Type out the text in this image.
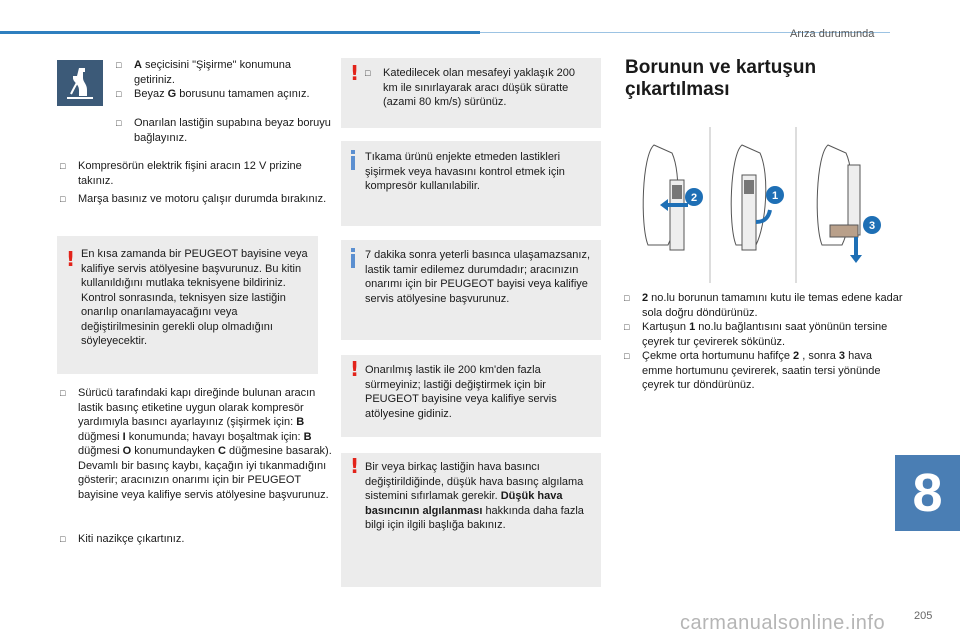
Arıza durumunda
□ A seçicisini "Şişirme" konumuna getiriniz.
□ Beyaz G borusunu tamamen açınız.
□ Onarılan lastiğin supabına beyaz boruyu bağlayınız.
□ Kompresörün elektrik fişini aracın 12 V prizine takınız.
□ Marşa basınız ve motoru çalışır durumda bırakınız.
! En kısa zamanda bir PEUGEOT bayisine veya kalifiye servis atölyesine başvurunuz. Bu kitin kullanıldığını mutlaka teknisyene bildiriniz. Kontrol sonrasında, teknisyen size lastiğin onarılıp onarılamayacağını veya değiştirilmesinin gerekli olup olmadığını söyleyecektir.
□ Sürücü tarafındaki kapı direğinde bulunan aracın lastik basınç etiketine uygun olarak kompresör yardımıyla basıncı ayarlayınız (şişirmek için: B düğmesi I konumunda; havayı boşaltmak için: B düğmesi O konumundayken C düğmesine basarak). Devamlı bir basınç kaybı, kaçağın iyi tıkanmadığını gösterir; aracınızın onarımı için bir PEUGEOT bayisine veya kalifiye servis atölyesine başvurunuz.
□ Kiti nazikçe çıkartınız.
! □ Katedilecek olan mesafeyi yaklaşık 200 km ile sınırlayarak aracı düşük süratte (azami 80 km/s) sürünüz.
Tıkama ürünü enjekte etmeden lastikleri şişirmek veya havasını kontrol etmek için kompresör kullanılabilir.
7 dakika sonra yeterli basınca ulaşamazsanız, lastik tamir edilemez durumdadır; aracınızın onarımı için bir PEUGEOT bayisi veya kalifiye servis atölyesine başvurunuz.
! Onarılmış lastik ile 200 km'den fazla sürmeyiniz; lastiği değiştirmek için bir PEUGEOT bayisine veya kalifiye servis atölyesine gidiniz.
! Bir veya birkaç lastiğin hava basıncı değiştirildiğinde, düşük hava basınç algılama sistemini sıfırlamak gerekir. Düşük hava basıncının algılanması hakkında daha fazla bilgi için ilgili başlığa bakınız.
Borunun ve kartuşun
çıkartılması
2	1
3
□ 2 no.lu borunun tamamını kutu ile temas edene kadar sola doğru döndürünüz.
□ Kartuşun 1 no.lu bağlantısını saat yönünün tersine çeyrek tur çevirerek sökünüz.
□ Çekme orta hortumunu hafifçe 2 , sonra 3 hava emme hortumunu çevirerek, saatin tersi yönünde çeyrek tur döndürünüz.
8
carmanualsonline.info	205
